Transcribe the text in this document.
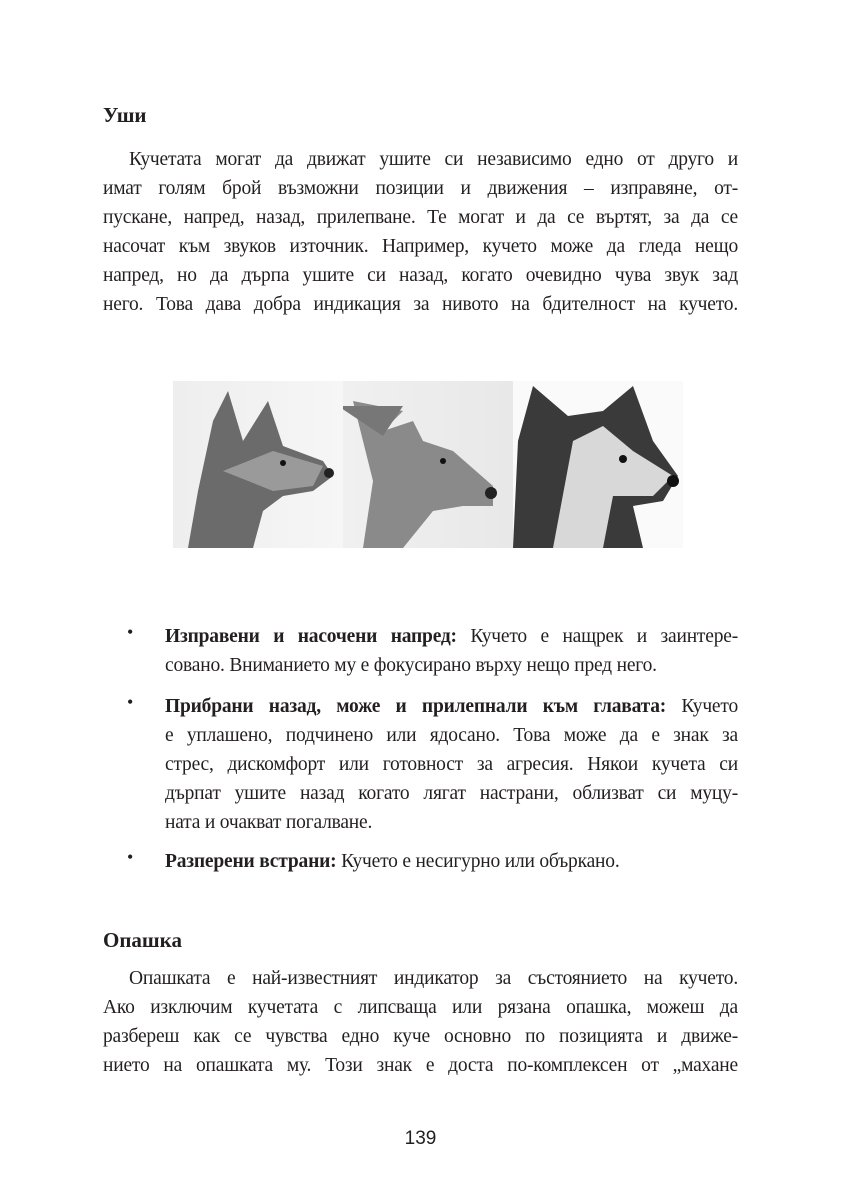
Уши
Кучетата могат да движат ушите си независимо едно от друго и
имат голям брой възможни позиции и движения – изправяне, от-
пускане, напред, назад, прилепване. Те могат и да се въртят, за да се
насочат към звуков източник. Например, кучето може да гледа нещо
напред, но да дърпа ушите си назад, когато очевидно чува звук зад
него. Това дава добра индикация за нивото на бдителност на кучето.
• Изправени и насочени напред: Кучето е нащрек и заинтере-
совано. Вниманието му е фокусирано върху нещо пред него.
• Прибрани назад, може и прилепнали към главата: Кучето
е уплашено, подчинено или ядосано. Това може да е знак за
стрес, дискомфорт или готовност за агресия. Някои кучета си
дърпат ушите назад когато лягат настрани, облизват си муцу-
ната и очакват погалване.
• Разперени встрани: Кучето е несигурно или объркано.
Опашка
Опашката е най-известният индикатор за състоянието на кучето.
Ако изключим кучетата с липсваща или рязана опашка, можеш да
разбереш как се чувства едно куче основно по позицията и движе-
нието на опашката му. Този знак е доста по-комплексен от „махане
139
